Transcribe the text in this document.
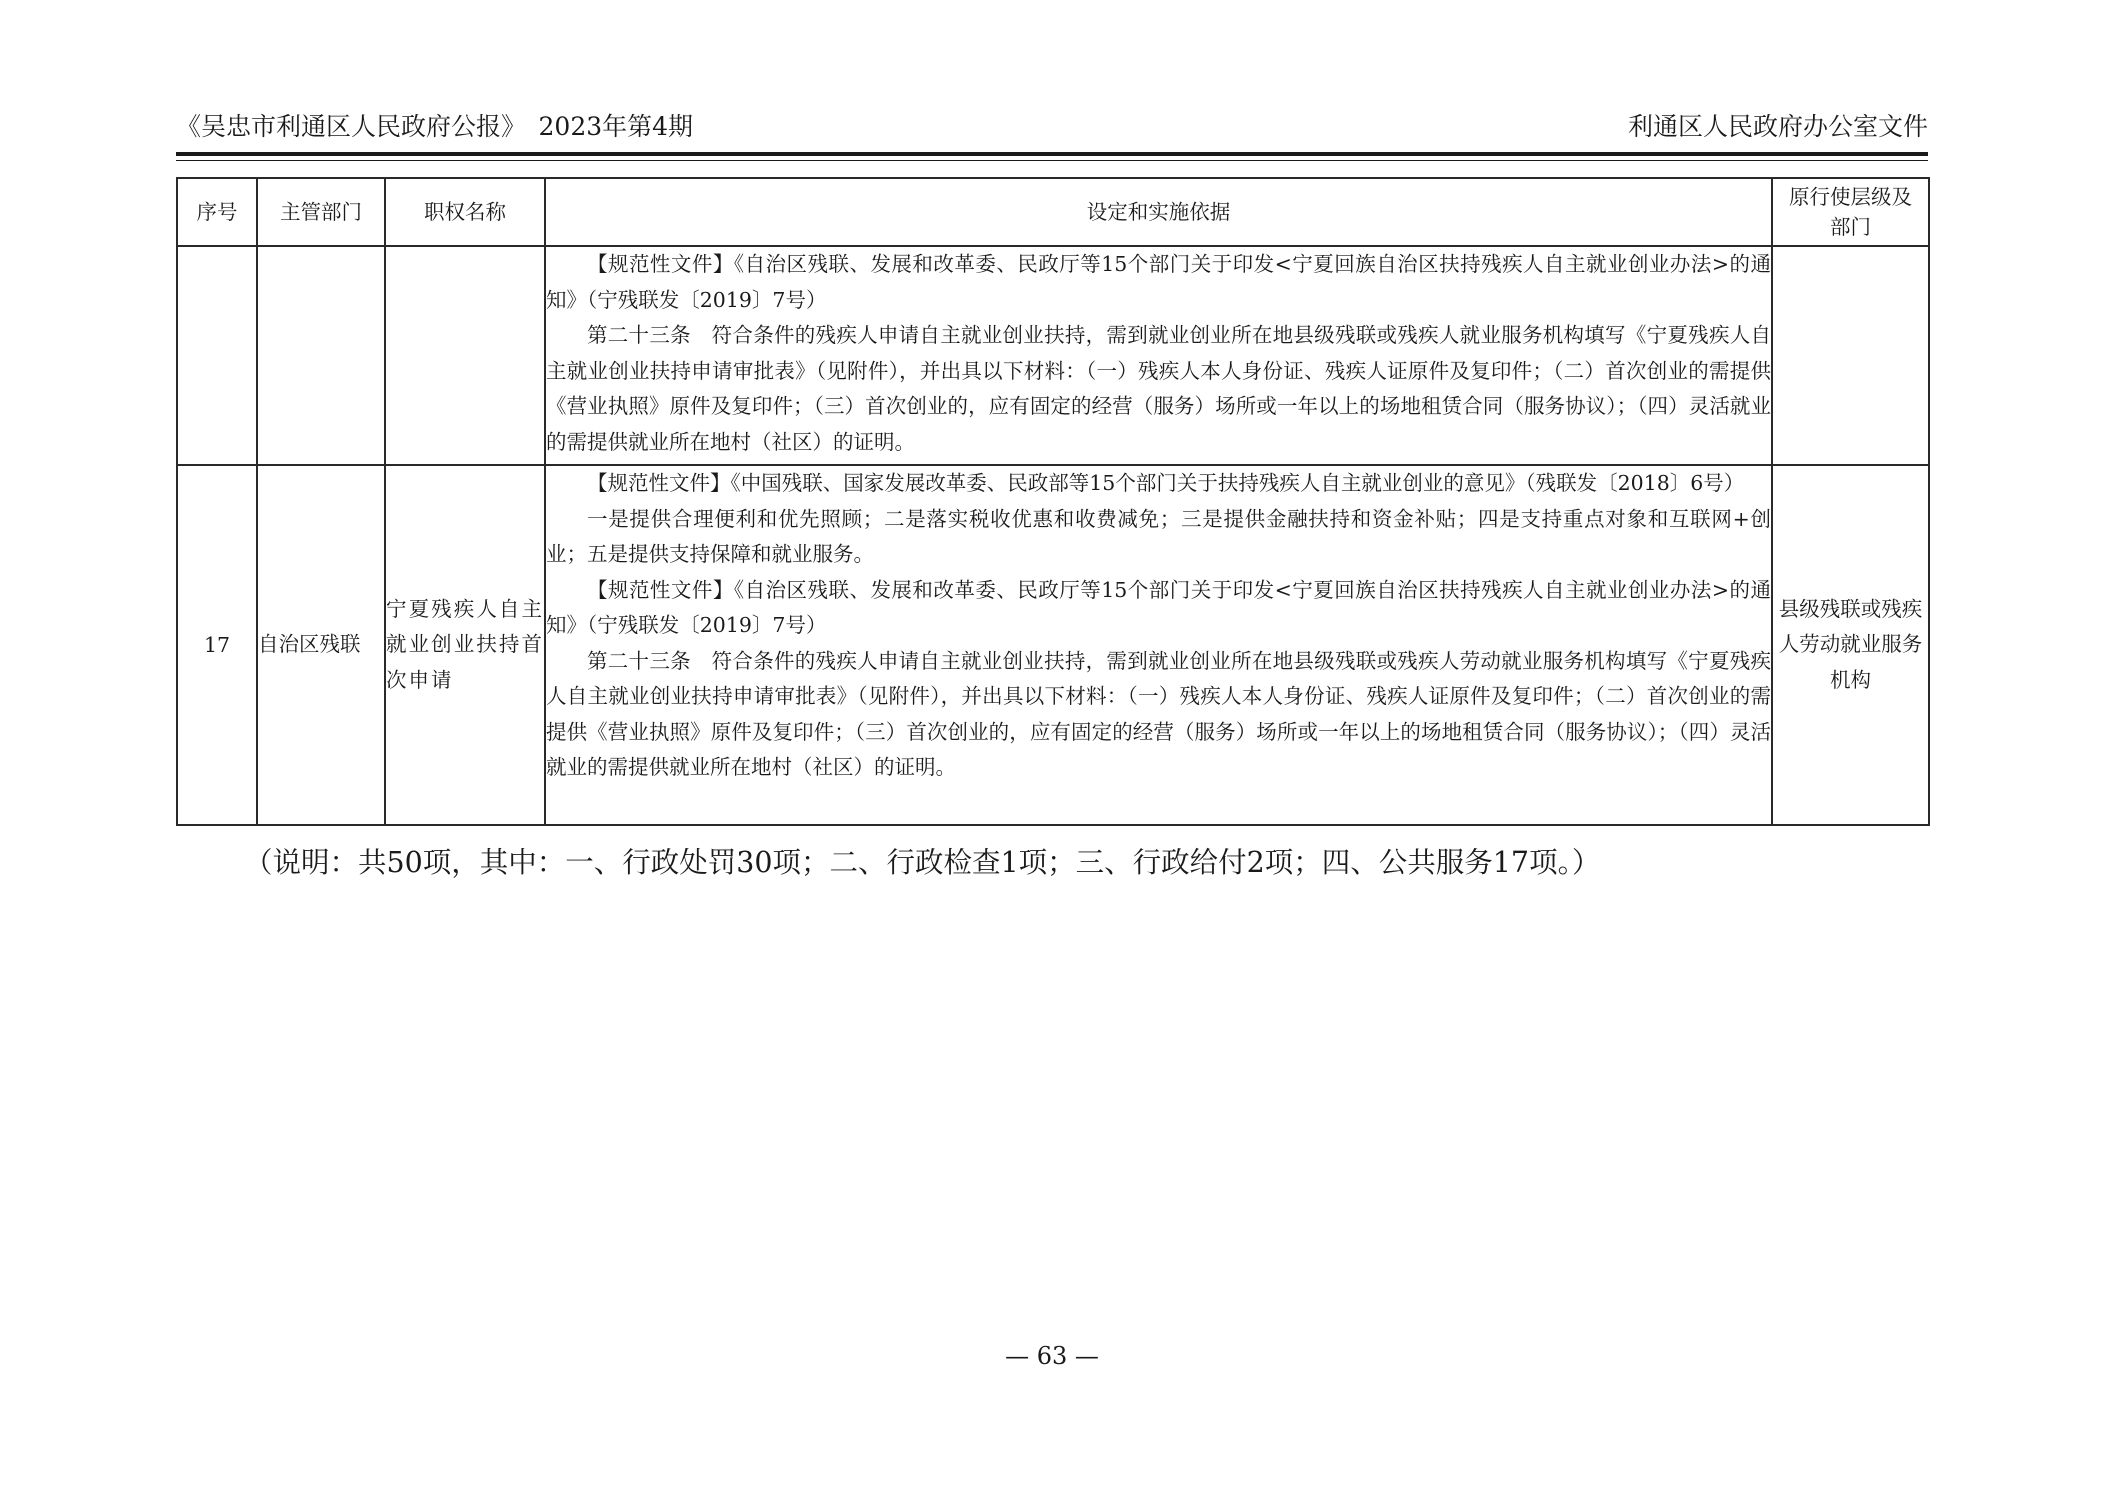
《吴忠市利通区人民政府公报》　2023年第4期	利通区人民政府办公室文件
序号	主管部门	职权名称	设定和实施依据	原行使层级及部门

			【规范性文件】《自治区残联、发展和改革委、民政厅等15个部门关于印发<宁夏回族自治区扶持残疾人自主就业创业办法>的通知》（宁残联发〔2019〕7号）

第二十三条　符合条件的残疾人申请自主就业创业扶持，需到就业创业所在地县级残联或残疾人就业服务机构填写《宁夏残疾人自主就业创业扶持申请审批表》（见附件），并出具以下材料：（一）残疾人本人身份证、残疾人证原件及复印件；（二）首次创业的需提供《营业执照》原件及复印件；（三）首次创业的，应有固定的经营（服务）场所或一年以上的场地租赁合同（服务协议）；（四）灵活就业的需提供就业所在地村（社区）的证明。	

17	自治区残联	宁夏残疾人自主就业创业扶持首次申请	【规范性文件】《中国残联、国家发展改革委、民政部等15个部门关于扶持残疾人自主就业创业的意见》（残联发〔2018〕6号）

一是提供合理便利和优先照顾；二是落实税收优惠和收费减免；三是提供金融扶持和资金补贴；四是支持重点对象和互联网+创业；五是提供支持保障和就业服务。

【规范性文件】《自治区残联、发展和改革委、民政厅等15个部门关于印发<宁夏回族自治区扶持残疾人自主就业创业办法>的通知》（宁残联发〔2019〕7号）

第二十三条　符合条件的残疾人申请自主就业创业扶持，需到就业创业所在地县级残联或残疾人劳动就业服务机构填写《宁夏残疾人自主就业创业扶持申请审批表》（见附件），并出具以下材料：（一）残疾人本人身份证、残疾人证原件及复印件；（二）首次创业的需提供《营业执照》原件及复印件；（三）首次创业的，应有固定的经营（服务）场所或一年以上的场地租赁合同（服务协议）；（四）灵活就业的需提供就业所在地村（社区）的证明。	县级残联或残疾人劳动就业服务机构
（说明：共50项，其中：一、行政处罚30项；二、行政检查1项；三、行政给付2项；四、公共服务17项。）
— 63 —
